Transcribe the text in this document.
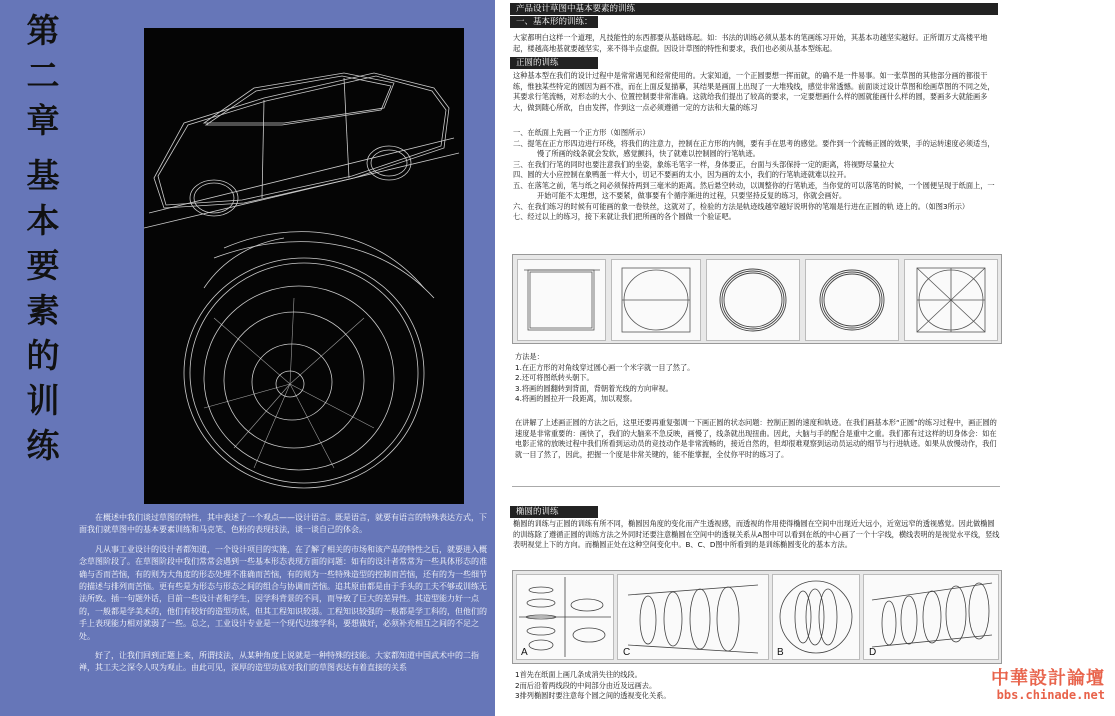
第
二
章
基
本
要
素
的
训
练

在概述中我们谈过草图的特性，其中表述了一个观点——设计语言。既是语言，就要有语言的特殊表达方式，下面我们就草图中的基本要素训练和马克笔、色粉的表现技法，谈一谈自己的体会。

凡从事工业设计的设计者都知道，一个设计项目的实施，在了解了相关的市场和该产品的特性之后，就要进入概念草图阶段了。在草图阶段中我们常常会遇到一些基本形态表现方面的问题：如有的设计者常常为一些具体形态的准确与否而苦恼，有的则为大角度的形态处理不准确而苦恼，有的则为一些特殊造型的控制而苦恼，还有的为一些细节的描述与排列而苦恼。更有些是为形态与形态之间的组合与协调而苦恼。追其原由都是由于手头的工夫不够或训练无法所致。插一句题外话，目前一些设计者和学生，因学科背景的不同，而导致了巨大的差异性。其造型能力好一点的，一般都是学美术的，他们有较好的造型功底，但其工程知识较弱。工程知识较强的一般都是学工科的，但他们的手上表现能力相对就弱了一些。总之，工业设计专业是一个现代边缘学科，要想做好，必须补充相互之间的不足之处。

好了，让我们回到正题上来，所谓技法，从某种角度上说就是一种特殊的技能。大家都知道中国武术中的二指禅，其工夫之深令人叹为观止。由此可见，深厚的造型功底对我们的草图表达有着直接的关系

产品设计草图中基本要素的训练
一、基本形的训练：

大家都明白这样一个道理，凡技能性的东西都要从基础练起。如：书法的训练必须从基本的笔画练习开始，其基本功越坚实越好。正所谓万丈高楼平地起，楼越高地基就要越坚实，来不得半点虚假。因设计草图的特性和要求，我们也必须从基本型练起。

正圆的训练

这种基本型在我们的设计过程中是常常遇见和经常使用的。大家知道，一个正圆要想一挥而就，的确不是一件易事。如一张草图的其他部分画的都很干练，惟独某些特定的圆因为画不准，而在上面反复描摹，其结果是画面上出现了一大堆残线，感觉非常透憾。前面谈过设计草图和绘画草图的不同之处，其要求行笔流畅，对形态的大小、位置控制要非常准确。这就给我们提出了较高的要求，一定要想画什么样的圆就能画什么样的圆，要画多大就能画多大，做到随心所欲，自由发挥，作到这一点必须遵循一定的方法和大量的练习

一、在纸面上先画一个正方形（如图所示）
二、提笔在正方形四边进行环绕，将我们的注意力，控制在正方形的内侧，要有手在思考的感觉。要作到一个流畅正圆的效果，手的运转速度必须适当，慢了所画的线条就会发软，感觉颤抖，快了就难以控制圆的行笔轨迹。
三、在我们行笔的同时也要注意我们的坐姿，象练毛笔字一样，身体要正，台面与头部保持一定的距离，将视野尽量拉大
四、圆的大小应控制在象鸭蛋一样大小，切记不要画的太小，因为画的太小，我们的行笔轨迹就难以拉开。
五、在落笔之前，笔与纸之间必须保持两到三毫米的距离。然后悬空转动，以调整你的行笔轨迹，当你觉的可以落笔的时候，一个圆便呈现于纸面上，一开始可能不太理想，这不要紧，做事要有个循序渐进的过程，只要坚持反复的练习，你就会画好。
六、在我们练习的时候有可能画的象一卷铁丝，这就对了，检验的方法是轨迹线越窄越好说明你的笔端是行进在正圆的轨 迹上的。（如图3所示）
七、经过以上的练习，接下来就让我们把所画的各个圆做一个验证吧。
方法是：
1.在正方形的对角线穿过圆心画一个米字就一目了然了。
2.还可将图纸转头朝下。
3.将画的圆翻转到背面，背朝着光线的方向审视。
4.将画的圆拉开一段距离，加以观察。

在讲解了上述画正圆的方法之后，这里还要再重复强调一下画正圆的状态问题：控制正圆的速度和轨迹。在我们画基本形“正圆”的练习过程中，画正圆的速度是非常重要的：画快了，我们的大脑来不急反映，画慢了，线条就出现扭曲。因此，大脑与手的配合是重中之重。我们都有过这样的切身体会：如在电影正常的放映过程中我们所看到运动员的竞技动作是非常流畅的，接近自然的，但却很难观察到运动员运动的细节与行进轨迹。如果从放慢动作，我们就一目了然了，因此，把握一个度是非常关键的，能不能掌握，全仗你平时的练习了。

椭圆的训练

椭圆的训练与正圆的训练有所不同，椭圆因角度的变化而产生透视感，而透视的作用使得椭圆在空间中出现近大远小，近宽远窄的透视感觉。因此做椭圆的训练除了遵循正圆的训练方法之外同时还要注意椭圆在空间中的透视关系从A图中可以看到在纸的中心画了一个十字线，横线表明的是视觉水平线，竖线表明视觉上下的方向。而椭圆正处在这种空间变化中。B、C、D图中所看到的是训练椭圆变化的基本方法。

A	C	B	D
1首先在纸面上画几条成消失往的线段。
2而后沿着两线段的中间部分由近及远画去。
3排列椭圆时要注意每个圆之间的透视变化关系。
中華設計論壇
bbs.chinade.net
